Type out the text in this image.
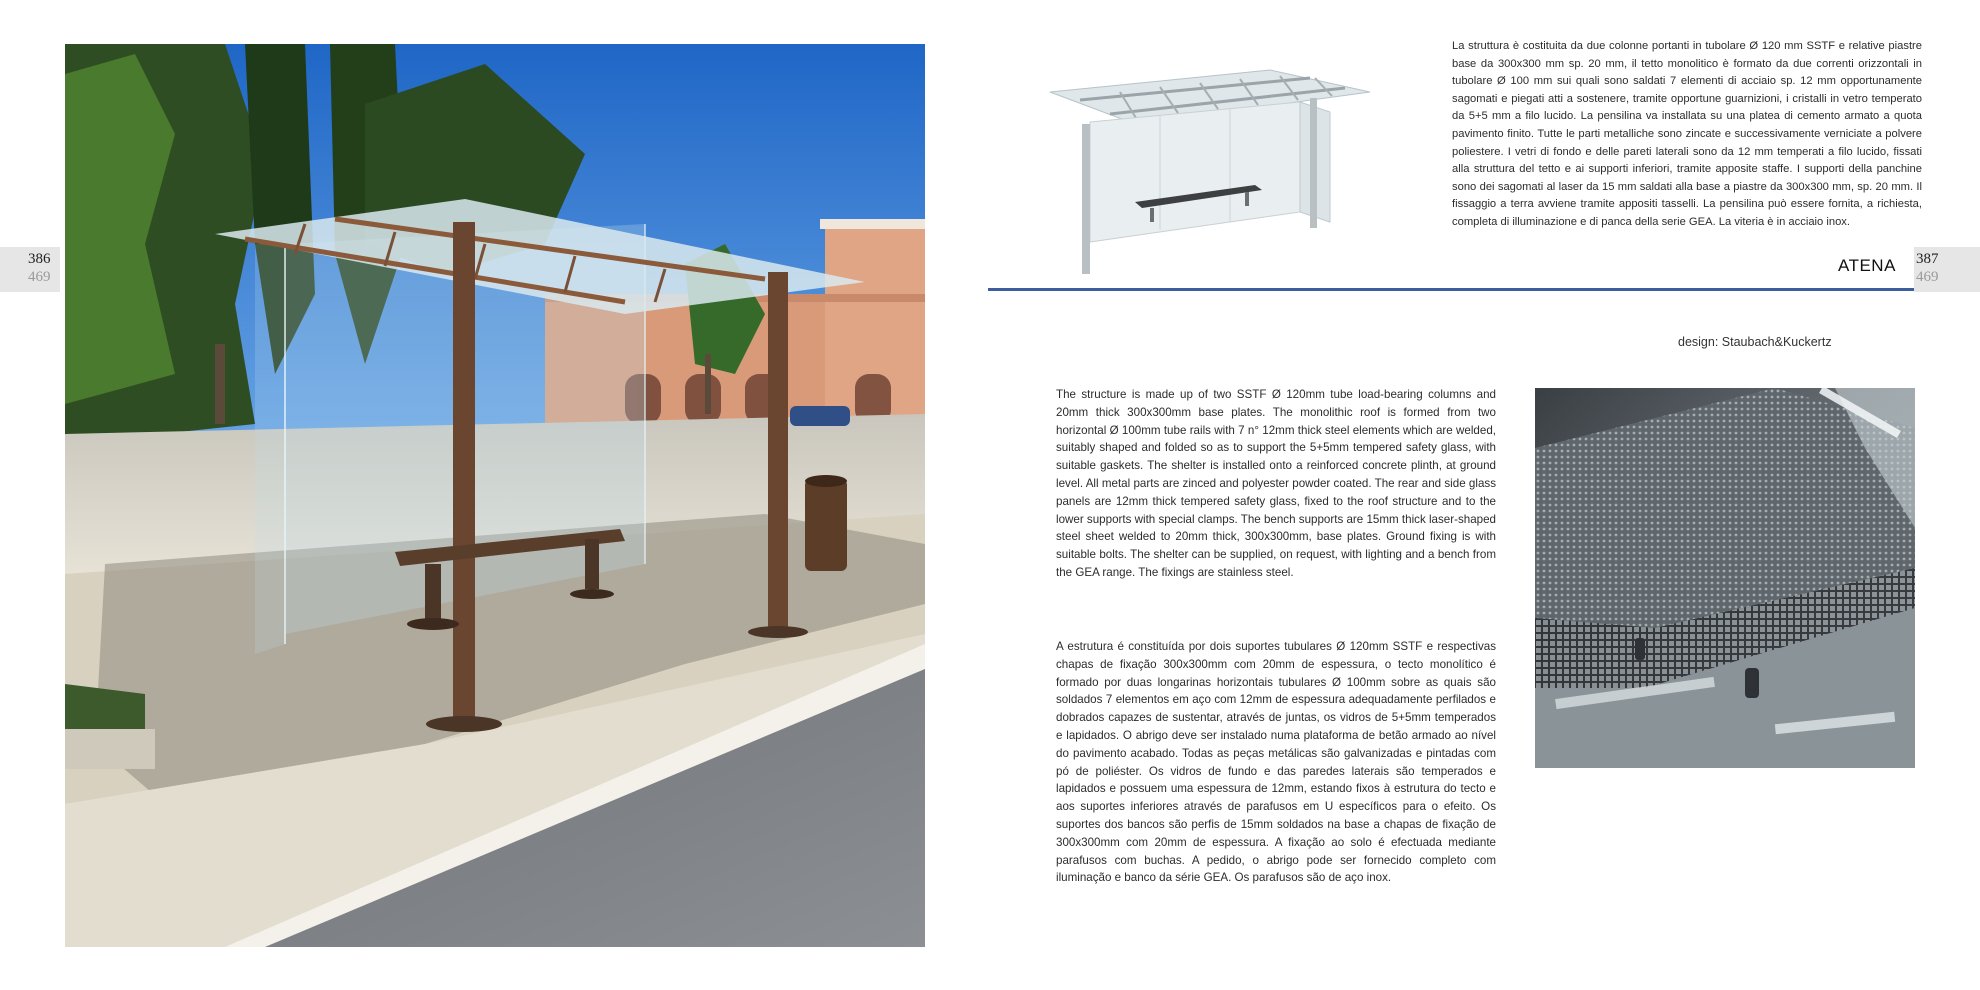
386
469
La struttura è costituita da due colonne portanti in tubolare Ø 120 mm SSTF e relative piastre base da 300x300 mm sp. 20 mm, il tetto monolitico è formato da due correnti orizzontali in tubolare Ø 100 mm sui quali sono saldati 7 elementi di acciaio sp. 12 mm opportunamente sagomati e piegati atti a sostenere, tramite opportune guarnizioni, i cristalli in vetro temperato da 5+5 mm a filo lucido. La pensilina va installata su una platea di cemento armato a quota pavimento finito. Tutte le parti metalliche sono zincate e successivamente verniciate a polvere poliestere. I vetri di fondo e delle pareti laterali sono da 12 mm temperati a filo lucido, fissati alla struttura del tetto e ai supporti inferiori, tramite apposite staffe. I supporti della panchine sono dei sagomati al laser da 15 mm saldati alla base a piastre da 300x300 mm, sp. 20 mm. Il fissaggio a terra avviene tramite appositi tasselli. La pensilina può essere fornita, a richiesta, completa di illuminazione e di panca della serie GEA. La viteria è in acciaio inox.
ATENA 387
469
design: Staubach&Kuckertz
The structure is made up of two SSTF Ø 120mm tube load-bearing columns and 20mm thick 300x300mm base plates. The monolithic roof is formed from two horizontal Ø 100mm tube rails with 7 n° 12mm thick steel elements which are welded, suitably shaped and folded so as to support the 5+5mm tempered safety glass, with suitable gaskets. The shelter is installed onto a reinforced concrete plinth, at ground level. All metal parts are zinced and polyester powder coated. The rear and side glass panels are 12mm thick tempered safety glass, fixed to the roof structure and to the lower supports with special clamps. The bench supports are 15mm thick laser-shaped steel sheet welded to 20mm thick, 300x300mm, base plates. Ground fixing is with suitable bolts. The shelter can be supplied, on request, with lighting and a bench from the GEA range. The fixings are stainless steel.
A estrutura é constituída por dois suportes tubulares Ø 120mm SSTF e respectivas chapas de fixação 300x300mm com 20mm de espessura, o tecto monolítico é formado por duas longarinas horizontais tubulares Ø 100mm sobre as quais são soldados 7 elementos em aço com 12mm de espessura adequadamente perfilados e dobrados capazes de sustentar, através de juntas, os vidros de 5+5mm temperados e lapidados. O abrigo deve ser instalado numa plataforma de betão armado ao nível do pavimento acabado. Todas as peças metálicas são galvanizadas e pintadas com pó de poliéster. Os vidros de fundo e das paredes laterais são temperados e lapidados e possuem uma espessura de 12mm, estando fixos à estrutura do tecto e aos suportes inferiores através de parafusos em U específicos para o efeito. Os suportes dos bancos são perfis de 15mm soldados na base a chapas de fixação de 300x300mm com 20mm de espessura. A fixação ao solo é efectuada mediante parafusos com buchas. A pedido, o abrigo pode ser fornecido completo com iluminação e banco da série GEA. Os parafusos são de aço inox.
